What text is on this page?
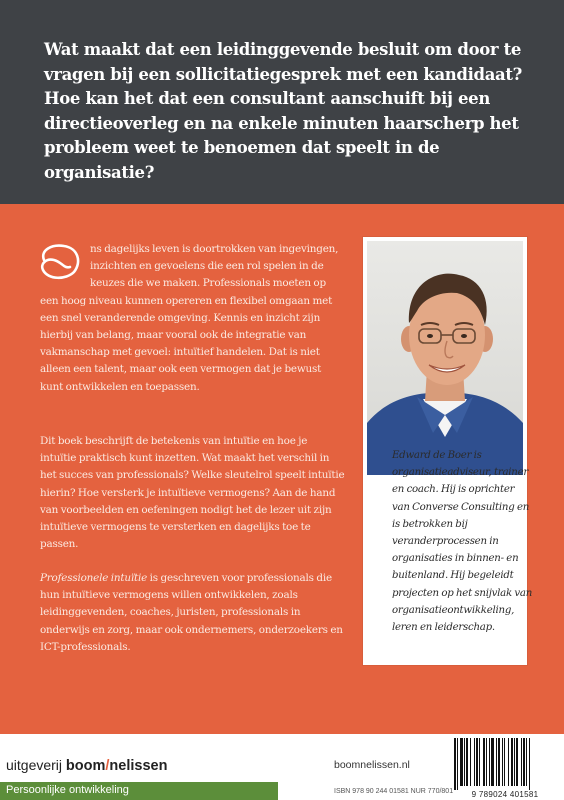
Wat maakt dat een leidinggevende besluit om door te vragen bij een sollicitatiegesprek met een kandidaat? Hoe kan het dat een consultant aanschuift bij een directieoverleg en na enkele minuten haarscherp het probleem weet te benoemen dat speelt in de organisatie?

ns dagelijks leven is doortrokken van ingevingen, inzichten en gevoelens die een rol spelen in de keuzes die we maken. Professionals moeten op een hoog niveau kunnen opereren en flexibel omgaan met een snel veranderende omgeving. Kennis en inzicht zijn hierbij van belang, maar vooral ook de integratie van vakmanschap met gevoel: intuïtief handelen. Dat is niet alleen een talent, maar ook een vermogen dat je bewust kunt ontwikkelen en toepassen.

Dit boek beschrijft de betekenis van intuïtie en hoe je intuïtie praktisch kunt inzetten. Wat maakt het verschil in het succes van professionals? Welke sleutelrol speelt intuïtie hierin? Hoe versterk je intuïtieve vermogens? Aan de hand van voorbeelden en oefeningen nodigt het de lezer uit zijn intuïtieve vermogens te versterken en dagelijks toe te passen.

Professionele intuïtie is geschreven voor professionals die hun intuïtieve vermogens willen ontwikkelen, zoals leidinggevenden, coaches, juristen, professionals in onderwijs en zorg, maar ook ondernemers, onderzoekers en ICT-professionals.

Edward de Boer is organisatieadviseur, trainer en coach. Hij is oprichter van Converse Consulting en is betrokken bij veranderprocessen in organisaties in binnen- en buitenland. Hij begeleidt projecten op het snijvlak van organisatieontwikkeling, leren en leiderschap.

uitgeverij boom/nelissen	boomnelissen.nl
Persoonlijke ontwikkeling	ISBN 978 90 244 01581 NUR 770/801	9 789024 401581
